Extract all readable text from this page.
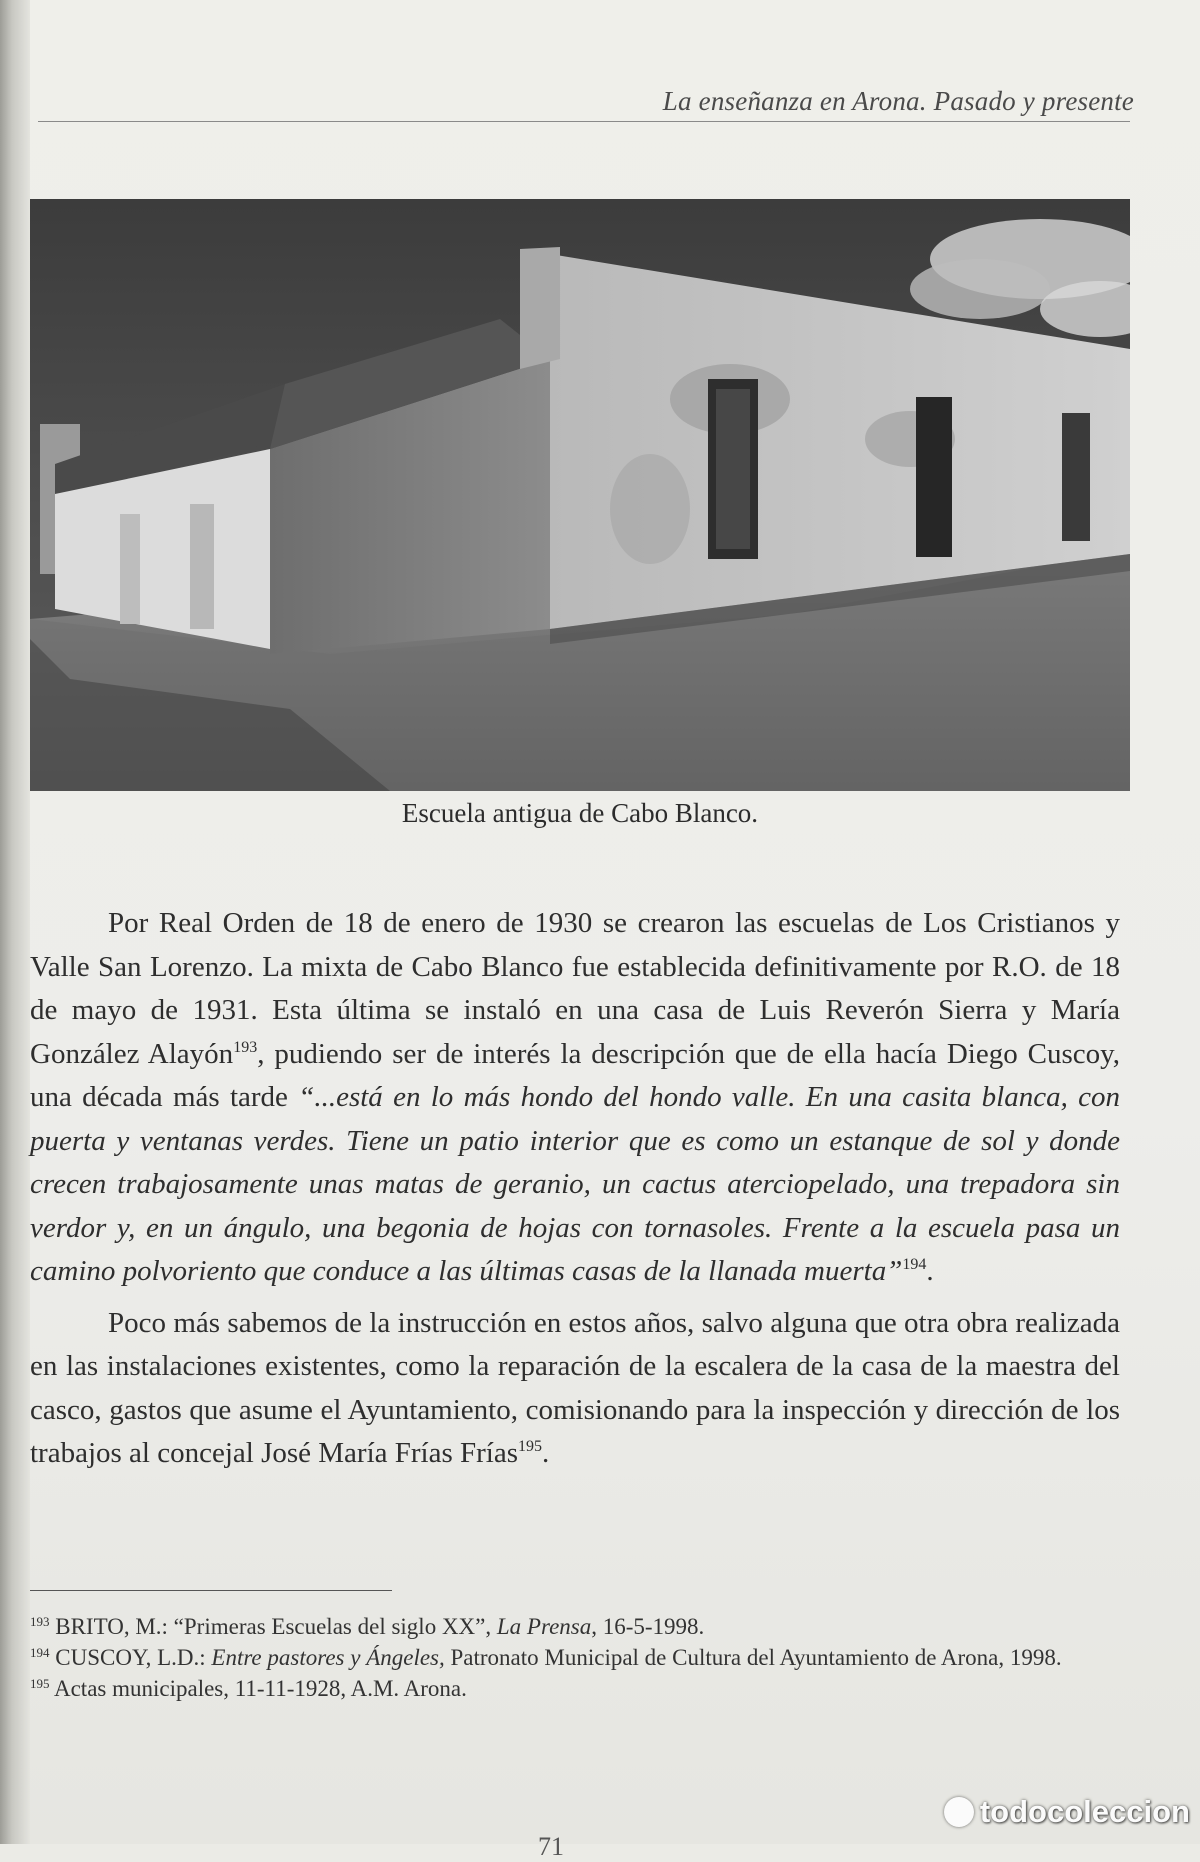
La enseñanza en Arona. Pasado y presente
Escuela antigua de Cabo Blanco.

Por Real Orden de 18 de enero de 1930 se crearon las escuelas de Los Cristianos y Valle San Lorenzo. La mixta de Cabo Blanco fue establecida definitivamente por R.O. de 18 de mayo de 1931. Esta última se instaló en una casa de Luis Reverón Sierra y María González Alayón$^{193}$, pudiendo ser de interés la descripción que de ella hacía Diego Cuscoy, una década más tarde “...está en lo más hondo del hondo valle. En una casita blanca, con puerta y ventanas verdes. Tiene un patio interior que es como un estanque de sol y donde crecen trabajosamente unas matas de geranio, un cactus aterciopelado, una trepadora sin verdor y, en un ángulo, una begonia de hojas con tornasoles. Frente a la escuela pasa un camino polvoriento que conduce a las últimas casas de la llanada muerta”$^{194}$.

Poco más sabemos de la instrucción en estos años, salvo alguna que otra obra realizada en las instalaciones existentes, como la reparación de la escalera de la casa de la maestra del casco, gastos que asume el Ayuntamiento, comisionando para la inspección y dirección de los trabajos al concejal José María Frías Frías$^{195}$.

$^{193}$ BRITO, M.: “Primeras Escuelas del siglo XX”, La Prensa, 16-5-1998.
$^{194}$ CUSCOY, L.D.: Entre pastores y Ángeles, Patronato Municipal de Cultura del Ayuntamiento de Arona, 1998.
$^{195}$ Actas municipales, 11-11-1928, A.M. Arona.
71
todocoleccion
